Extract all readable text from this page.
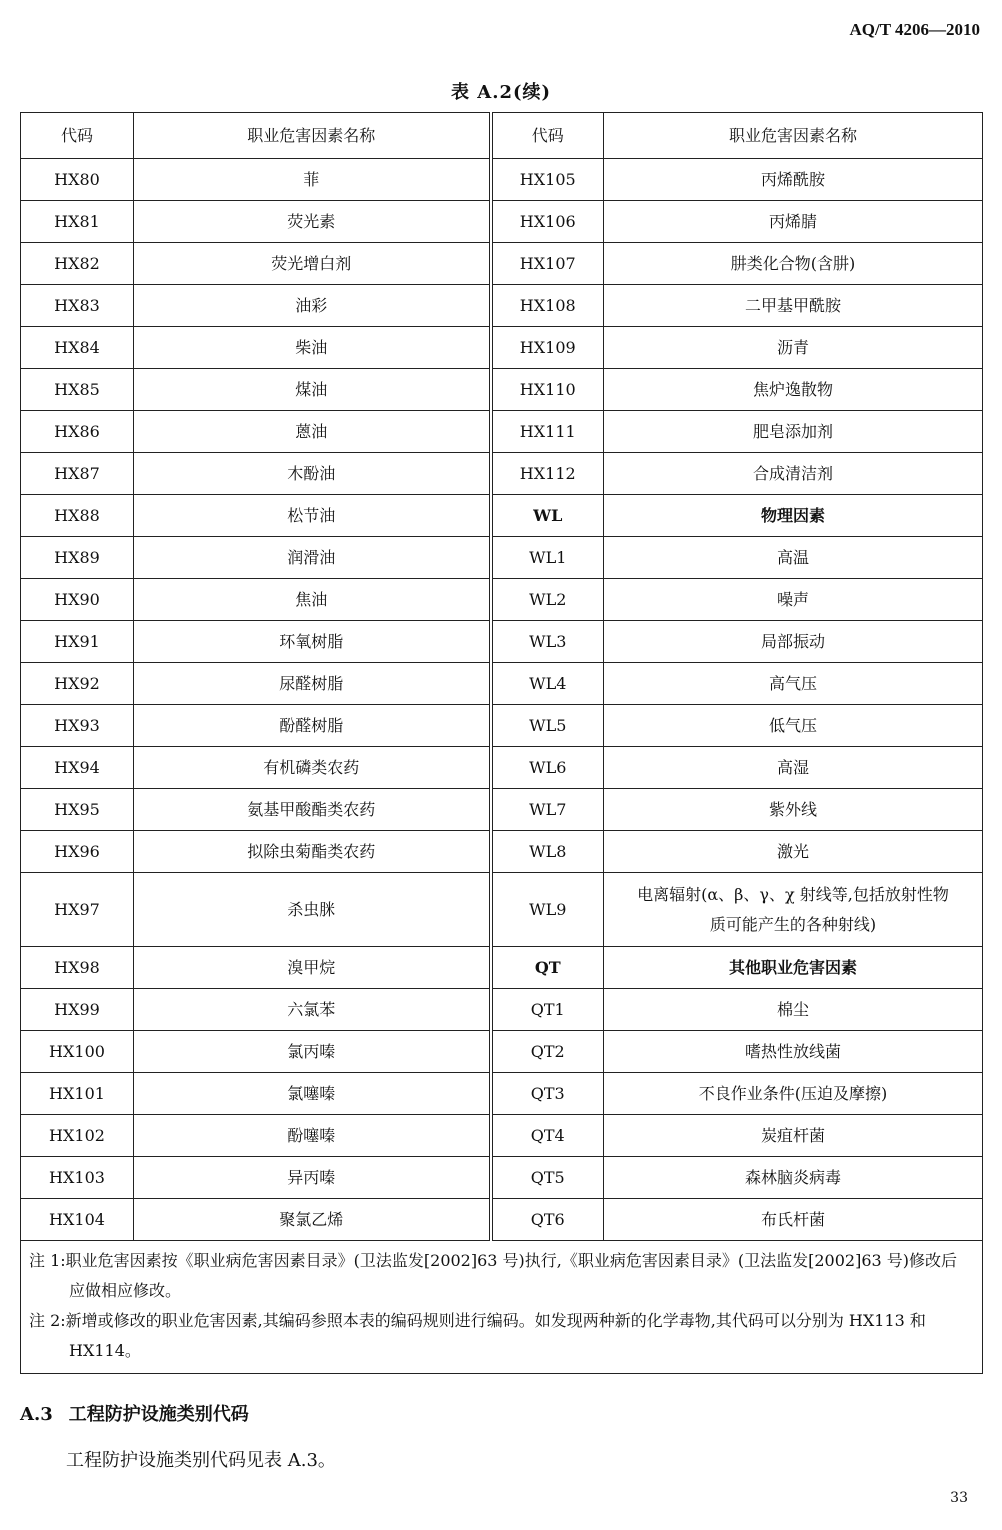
AQ/T 4206—2010
表 A.2(续)
代码	职业危害因素名称	代码	职业危害因素名称
HX80	菲	HX105	丙烯酰胺
HX81	荧光素	HX106	丙烯腈
HX82	荧光增白剂	HX107	肼类化合物(含肼)
HX83	油彩	HX108	二甲基甲酰胺
HX84	柴油	HX109	沥青
HX85	煤油	HX110	焦炉逸散物
HX86	蒽油	HX111	肥皂添加剂
HX87	木酚油	HX112	合成清洁剂
HX88	松节油	WL	物理因素
HX89	润滑油	WL1	高温
HX90	焦油	WL2	噪声
HX91	环氧树脂	WL3	局部振动
HX92	尿醛树脂	WL4	高气压
HX93	酚醛树脂	WL5	低气压
HX94	有机磷类农药	WL6	高湿
HX95	氨基甲酸酯类农药	WL7	紫外线
HX96	拟除虫菊酯类农药	WL8	激光
HX97	杀虫脒	WL9	电离辐射(α、β、γ、χ 射线等,包括放射性物质可能产生的各种射线)
HX98	溴甲烷	QT	其他职业危害因素
HX99	六氯苯	QT1	棉尘
HX100	氯丙嗪	QT2	嗜热性放线菌
HX101	氯噻嗪	QT3	不良作业条件(压迫及摩擦)
HX102	酚噻嗪	QT4	炭疽杆菌
HX103	异丙嗪	QT5	森林脑炎病毒
HX104	聚氯乙烯	QT6	布氏杆菌

注 1:职业危害因素按《职业病危害因素目录》(卫法监发[2002]63 号)执行,《职业病危害因素目录》(卫法监发[2002]63 号)修改后应做相应修改。
注 2:新增或修改的职业危害因素,其编码参照本表的编码规则进行编码。如发现两种新的化学毒物,其代码可以分别为 HX113 和 HX114。			
A.3 工程防护设施类别代码
工程防护设施类别代码见表 A.3。
33
